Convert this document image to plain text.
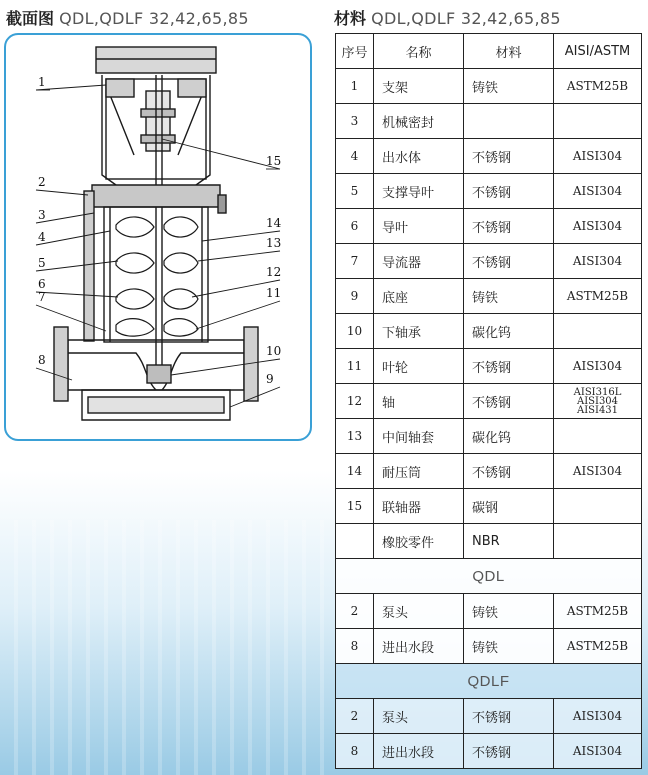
截面图 QDL,QDLF 32,42,65,85	材料 QDL,QDLF 32,42,65,85
1
2
3
4
5
6
7
8
15
14
13
12
11
10
9
序号	名称	材料	AISI/ASTM
1	支架	铸铁	ASTM25B
3	机械密封		
4	出水体	不锈钢	AISI304
5	支撑导叶	不锈钢	AISI304
6	导叶	不锈钢	AISI304
7	导流器	不锈钢	AISI304
9	底座	铸铁	ASTM25B
10	下轴承	碳化钨	
11	叶轮	不锈钢	AISI304
12	轴	不锈钢	AISI316L AISI304 AISI431
13	中间轴套	碳化钨	
14	耐压筒	不锈钢	AISI304
15	联轴器	碳钢	
	橡胶零件	NBR	
QDL			
2	泵头	铸铁	ASTM25B
8	进出水段	铸铁	ASTM25B
QDLF			
2	泵头	不锈钢	AISI304
8	进出水段	不锈钢	AISI304
